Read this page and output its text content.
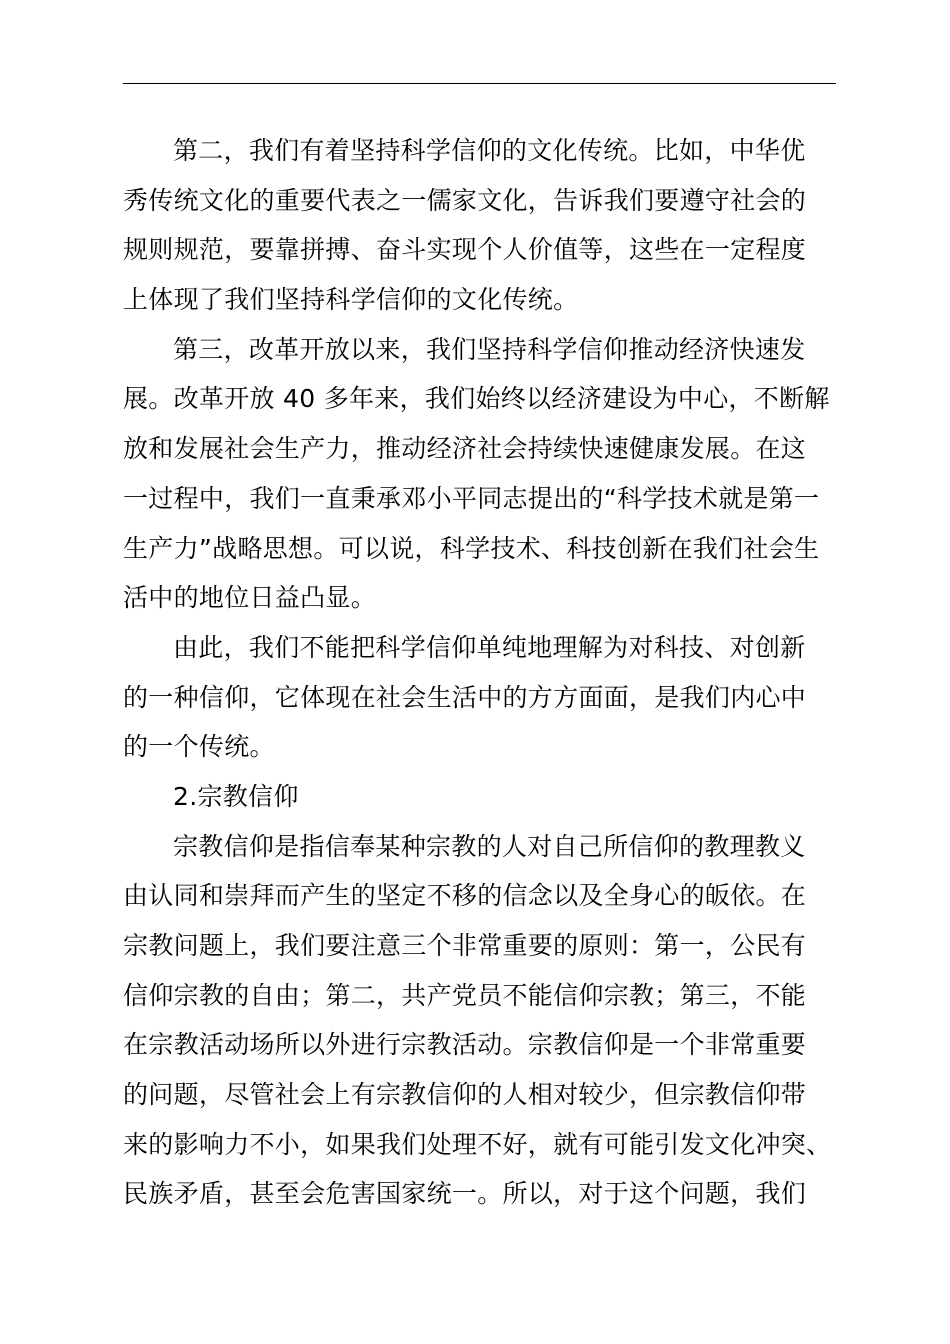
第二，我们有着坚持科学信仰的文化传统。比如，中华优
秀传统文化的重要代表之一儒家文化，告诉我们要遵守社会的
规则规范，要靠拼搏、奋斗实现个人价值等，这些在一定程度
上体现了我们坚持科学信仰的文化传统。
第三，改革开放以来，我们坚持科学信仰推动经济快速发
展。改革开放 40 多年来，我们始终以经济建设为中心，不断解
放和发展社会生产力，推动经济社会持续快速健康发展。在这
一过程中，我们一直秉承邓小平同志提出的“科学技术就是第一
生产力”战略思想。可以说，科学技术、科技创新在我们社会生
活中的地位日益凸显。
由此，我们不能把科学信仰单纯地理解为对科技、对创新
的一种信仰，它体现在社会生活中的方方面面，是我们内心中
的一个传统。
2.宗教信仰
宗教信仰是指信奉某种宗教的人对自己所信仰的教理教义
由认同和崇拜而产生的坚定不移的信念以及全身心的皈依。在
宗教问题上，我们要注意三个非常重要的原则：第一，公民有
信仰宗教的自由；第二，共产党员不能信仰宗教；第三，不能
在宗教活动场所以外进行宗教活动。宗教信仰是一个非常重要
的问题，尽管社会上有宗教信仰的人相对较少，但宗教信仰带
来的影响力不小，如果我们处理不好，就有可能引发文化冲突、
民族矛盾，甚至会危害国家统一。所以，对于这个问题，我们
